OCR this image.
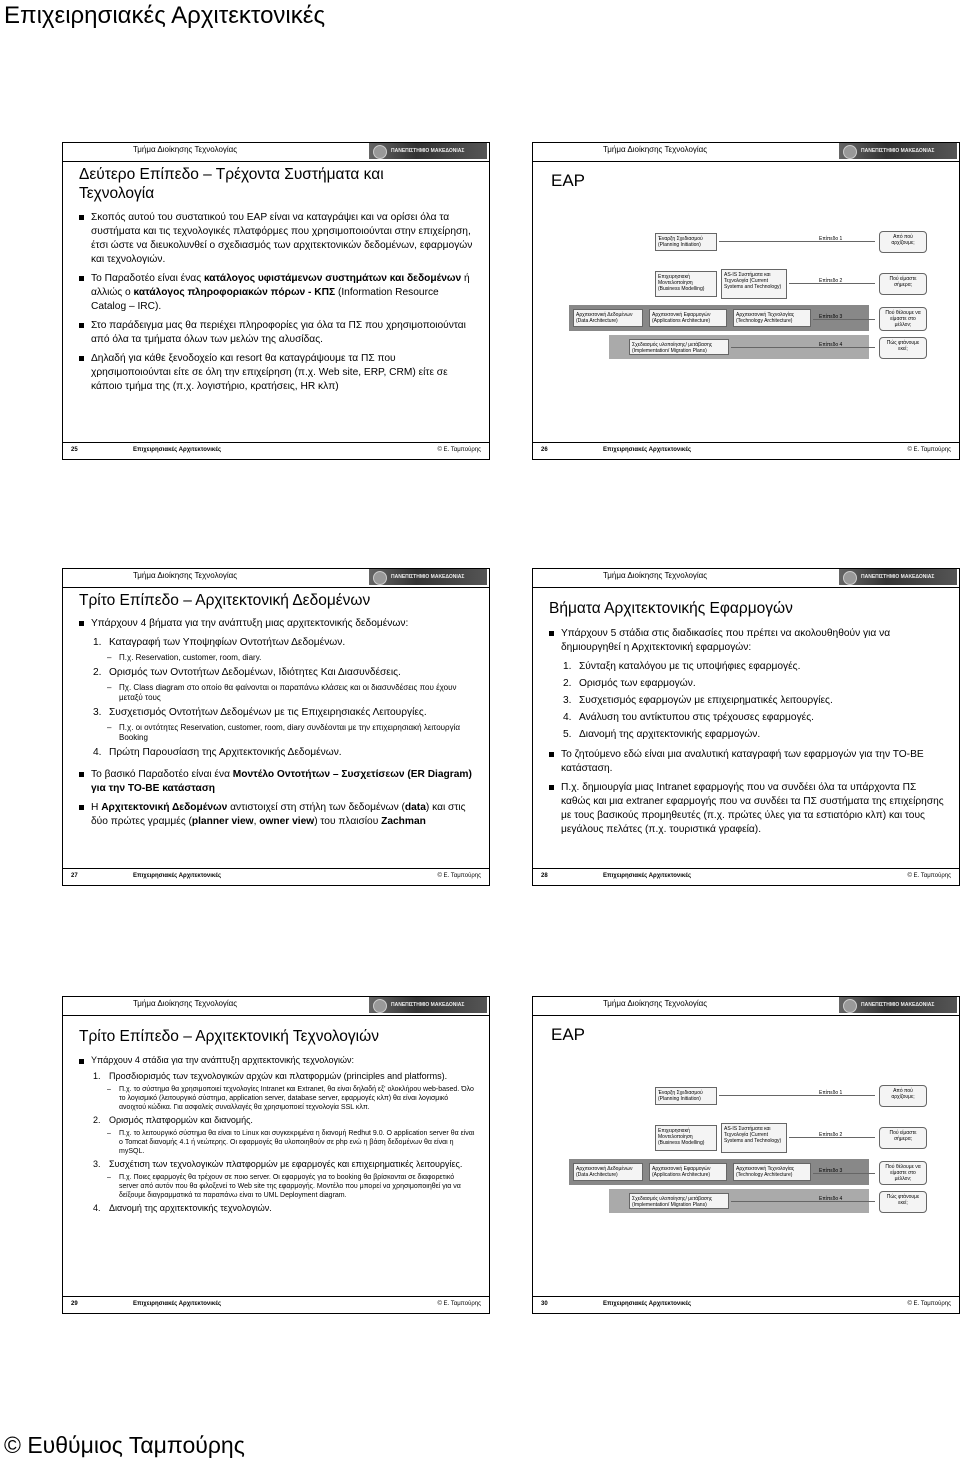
Επιχειρησιακές Αρχιτεκτονικές
Τμήμα Διοίκησης Τεχνολογίας	ΠΑΝΕΠΙΣΤΗΜΙΟ ΜΑΚΕΔΟΝΙΑΣ
Δεύτερο Επίπεδο – Τρέχοντα Συστήματα και Τεχνολογία
Σκοπός αυτού του συστατικού του ΕΑΡ είναι να καταγράψει και να ορίσει όλα τα συστήματα και τις τεχνολογικές πλατφόρμες που χρησιμοποιούνται στην επιχείρηση, έτσι ώστε να διευκολυνθεί ο σχεδιασμός των αρχιτεκτονικών δεδομένων, εφαρμογών και τεχνολογιών.
Το Παραδοτέο είναι ένας κατάλογος υφιστάμενων συστημάτων και δεδομένων ή αλλιώς ο κατάλογος πληροφοριακών πόρων - ΚΠΣ (Information Resource Catalog – IRC).
Στο παράδειγμα μας θα περιέχει πληροφορίες για όλα τα ΠΣ που χρησιμοποιούνται από όλα τα τμήματα όλων των μελών της αλυσίδας.
Δηλαδή για κάθε ξενοδοχείο και resort θα καταγράψουμε τα ΠΣ που χρησιμοποιούνται είτε σε όλη την επιχείρηση (π.χ. Web site, ERP, CRM) είτε σε κάποιο τμήμα της (π.χ. λογιστήριο, κρατήσεις, HR κλπ)
25	Επιχειρησιακές Αρχιτεκτονικές	© Ε. Ταμπούρης
Τμήμα Διοίκησης Τεχνολογίας	ΠΑΝΕΠΙΣΤΗΜΙΟ ΜΑΚΕΔΟΝΙΑΣ
ΕΑΡ
Έναρξη Σχεδιασμού (Planning Initiation)
Επιχειρησιακή Μοντελοποίηση (Business Modelling)
AS-IS Συστήματα και Τεχνολογία (Current Systems and Technology)
Αρχιτεκτονική Δεδομένων (Data Architecture)
Αρχιτεκτονική Εφαρμογών (Applications Architecture)
Αρχιτεκτονική Τεχνολογίας (Technology Architecture)
Σχεδιασμός υλοποίησης/ μετάβασης (Implementation/ Migration Plans)
Επίπεδο 1
Επίπεδο 2
Επίπεδο 3
Επίπεδο 4
Από πού αρχίζουμε;
Πού είμαστε σήμερα;
Πού θέλουμε να είμαστε στο μέλλον;
Πώς φτάνουμε εκεί;
26	Επιχειρησιακές Αρχιτεκτονικές	© Ε. Ταμπούρης
Τμήμα Διοίκησης Τεχνολογίας	ΠΑΝΕΠΙΣΤΗΜΙΟ ΜΑΚΕΔΟΝΙΑΣ
Τρίτο Επίπεδο – Αρχιτεκτονική Δεδομένων
Υπάρχουν 4 βήματα για την ανάπτυξη μιας αρχιτεκτονικής δεδομένων:
1. Καταγραφή των Υποψηφίων Οντοτήτων Δεδομένων.
– Π.χ. Reservation, customer, room, diary.
2. Ορισμός των Οντοτήτων Δεδομένων, Ιδιότητες Και Διασυνδέσεις.
– Πχ. Class diagram στο οποίο θα φαίνονται οι παραπάνω κλάσεις και οι διασυνδέσεις που έχουν μεταξύ τους
3. Συσχετισμός Οντοτήτων Δεδομένων με τις Επιχειρησιακές Λειτουργίες.
– Π.χ. οι οντότητες Reservation, customer, room, diary συνδέονται με την επιχειρησιακή λειτουργία Booking
4. Πρώτη Παρουσίαση της Αρχιτεκτονικής Δεδομένων.
Το βασικό Παραδοτέο είναι ένα Μοντέλο Οντοτήτων – Συσχετίσεων (ER Diagram) για την ΤΟ-ΒΕ κατάσταση
Η Αρχιτεκτονική Δεδομένων αντιστοιχεί στη στήλη των δεδομένων (data) και στις δύο πρώτες γραμμές (planner view, owner view) του πλαισίου Zachman
27	Επιχειρησιακές Αρχιτεκτονικές	© Ε. Ταμπούρης
Τμήμα Διοίκησης Τεχνολογίας	ΠΑΝΕΠΙΣΤΗΜΙΟ ΜΑΚΕΔΟΝΙΑΣ
Βήματα Αρχιτεκτονικής Εφαρμογών
Υπάρχουν 5 στάδια στις διαδικασίες που πρέπει να ακολουθηθούν για να δημιουργηθεί η Αρχιτεκτονική εφαρμογών:
1. Σύνταξη καταλόγου με τις υποψήφιες εφαρμογές.
2. Ορισμός των εφαρμογών.
3. Συσχετισμός εφαρμογών με επιχειρηματικές λειτουργίες.
4. Ανάλυση του αντίκτυπου στις τρέχουσες εφαρμογές.
5. Διανομή της αρχιτεκτονικής εφαρμογών.
Το ζητούμενο εδώ είναι μια αναλυτική καταγραφή των εφαρμογών για την ΤΟ-ΒΕ κατάσταση.
Π.χ. δημιουργία μιας Intranet εφαρμογής που να συνδέει όλα τα υπάρχοντα ΠΣ καθώς και μια extraner εφαρμογής που να συνδέει τα ΠΣ συστήματα της επιχείρησης με τους βασικούς προμηθευτές (π.χ. πρώτες ύλες για τα εστιατόριο κλπ) και τους μεγάλους πελάτες (π.χ. τουριστικά γραφεία).
28	Επιχειρησιακές Αρχιτεκτονικές	© Ε. Ταμπούρης
Τμήμα Διοίκησης Τεχνολογίας	ΠΑΝΕΠΙΣΤΗΜΙΟ ΜΑΚΕΔΟΝΙΑΣ
Τρίτο Επίπεδο – Αρχιτεκτονική Τεχνολογιών
Υπάρχουν 4 στάδια για την ανάπτυξη αρχιτεκτονικής τεχνολογιών:
1. Προσδιορισμός των τεχνολογικών αρχών και πλατφορμών (principles and platforms).
– Π.χ. το σύστημα θα χρησιμοποιεί τεχνολογίες Intranet και Extranet, θα είναι δηλαδή εξ' ολοκλήρου web-based. Όλο το λογισμικό (λειτουργικό σύστημα, application server, database server, εφαρμογές κλπ) θα είναι λογισμικό ανοιχτού κώδικα. Για ασφαλείς συναλλαγές θα χρησιμοποιεί τεχνολογία SSL κλπ.
2. Ορισμός πλατφορμών και διανομής.
– Π.χ. το λειτουργικό σύστημα θα είναι το Linux και συγκεκριμένα η διανομή Redhut 9.0. Ο application server θα είναι ο Tomcat διανομής 4.1 ή νεώτερης. Οι εφαρμογές θα υλοποιηθούν σε php ενώ η βάση δεδομένων θα είναι η mySQL.
3. Συσχέτιση των τεχνολογικών πλατφορμών με εφαρμογές και επιχειρηματικές λειτουργίες.
– Π.χ. Ποιες εφαρμογές θα τρέχουν σε ποιο server. Οι εφαρμογές για το booking θα βρίσκονται σε διαφορετικό server από αυτόν που θα φιλοξενεί το Web site της εφαρμογής. Μοντέλο που μπορεί να χρησιμοποιηθεί για να δείξουμε διαγραμματικά τα παραπάνω είναι το UML Deployment diagram.
4. Διανομή της αρχιτεκτονικής τεχνολογιών.
29	Επιχειρησιακές Αρχιτεκτονικές	© Ε. Ταμπούρης
Τμήμα Διοίκησης Τεχνολογίας	ΠΑΝΕΠΙΣΤΗΜΙΟ ΜΑΚΕΔΟΝΙΑΣ
ΕΑΡ
Έναρξη Σχεδιασμού (Planning Initiation)
Επιχειρησιακή Μοντελοποίηση (Business Modelling)
AS-IS Συστήματα και Τεχνολογία (Current Systems and Technology)
Αρχιτεκτονική Δεδομένων (Data Architecture)
Αρχιτεκτονική Εφαρμογών (Applications Architecture)
Αρχιτεκτονική Τεχνολογίας (Technology Architecture)
Σχεδιασμός υλοποίησης/ μετάβασης (Implementation/ Migration Plans)
Επίπεδο 1
Επίπεδο 2
Επίπεδο 3
Επίπεδο 4
Από πού αρχίζουμε;
Πού είμαστε σήμερα;
Πού θέλουμε να είμαστε στο μέλλον;
Πώς φτάνουμε εκεί;
30	Επιχειρησιακές Αρχιτεκτονικές	© Ε. Ταμπούρης
© Ευθύμιος Ταμπούρης
